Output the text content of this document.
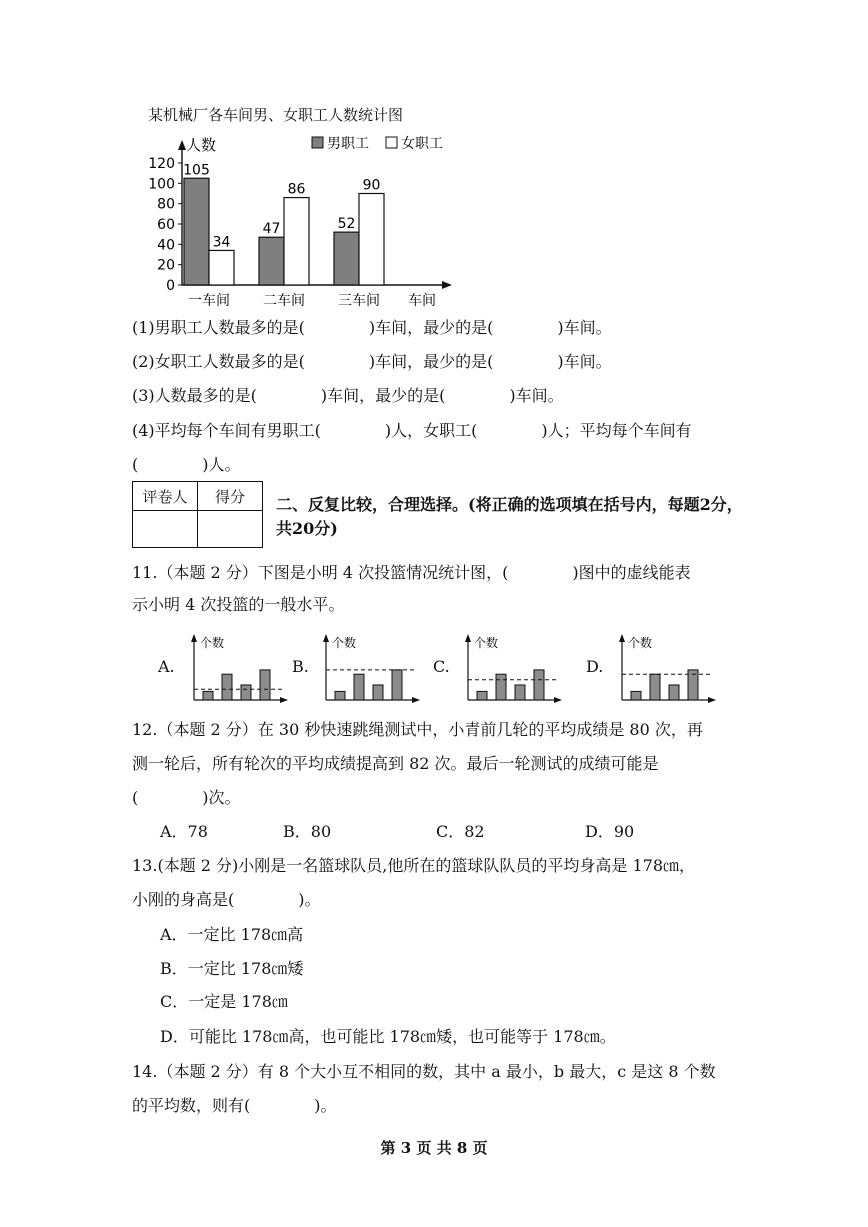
某机械厂各车间男、女职工人数统计图
人数
车间
0
20
40
60
80
100
120 105
34
一车间
47
86
二车间
52
90
三车间
男职工 女职工
(1)男职工人数最多的是(　　　　)车间，最少的是(　　　　)车间。
(2)女职工人数最多的是(　　　　)车间，最少的是(　　　　)车间。
(3)人数最多的是(　　　　)车间，最少的是(　　　　)车间。
(4)平均每个车间有男职工(　　　　)人，女职工(　　　　)人；平均每个车间有
(　　　　)人。
评卷人	得分
	二、反复比较，合理选择。(将正确的选项填在括号内，每题2分，共20分)
11.（本题 2 分）下图是小明 4 次投篮情况统计图，(　　　　)图中的虚线能表
示小明 4 次投篮的一般水平。
A.
个数
B.
个数
C.
个数
D.
个数
12.（本题 2 分）在 30 秒快速跳绳测试中，小青前几轮的平均成绩是 80 次，再
测一轮后，所有轮次的平均成绩提高到 82 次。最后一轮测试的成绩可能是
(　　　　)次。
A．78	B．80	C．82	D．90
13.(本题 2 分)小刚是一名篮球队员,他所在的篮球队队员的平均身高是 178㎝，
小刚的身高是(　　　　)。
A．一定比 178㎝高
B．一定比 178㎝矮
C．一定是 178㎝
D．可能比 178㎝高，也可能比 178㎝矮，也可能等于 178㎝。
14.（本题 2 分）有 8 个大小互不相同的数，其中 a 最小，b 最大，c 是这 8 个数
的平均数，则有(　　　　)。
第 3 页 共 8 页
